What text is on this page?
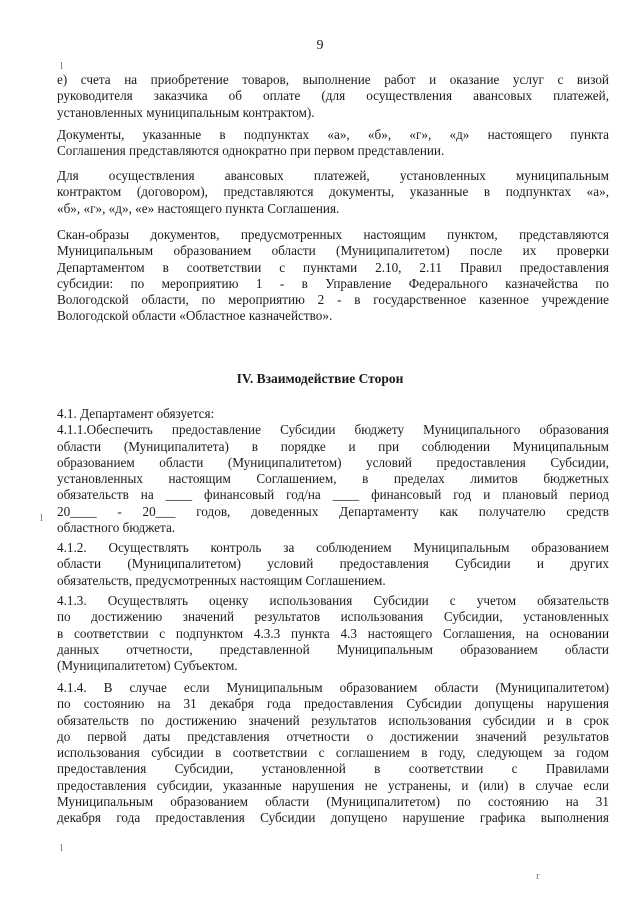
9
е) счета на приобретение товаров, выполнение работ и оказание услуг с визой
руководителя заказчика об оплате (для осуществления авансовых платежей,
установленных муниципальным контрактом).
Документы, указанные в подпунктах «а», «б», «г», «д» настоящего пункта
Соглашения представляются однократно при первом представлении.
Для осуществления авансовых платежей, установленных муниципальным
контрактом (договором), представляются документы, указанные в подпунктах «а»,
«б», «г», «д», «е» настоящего пункта Соглашения.
Скан-образы документов, предусмотренных настоящим пунктом, представляются
Муниципальным образованием области (Муниципалитетом) после их проверки
Департаментом в соответствии с пунктами 2.10, 2.11 Правил предоставления
субсидии: по мероприятию 1 - в Управление Федерального казначейства по
Вологодской области, по мероприятию 2 - в государственное казенное учреждение
Вологодской области «Областное казначейство».
IV. Взаимодействие Сторон
4.1. Департамент обязуется:
4.1.1.Обеспечить предоставление Субсидии бюджету Муниципального образования
области (Муниципалитета) в порядке и при соблюдении Муниципальным
образованием области (Муниципалитетом) условий предоставления Субсидии,
установленных настоящим Соглашением, в пределах лимитов бюджетных
обязательств на ____ финансовый год/на ____ финансовый год и плановый период
20____ - 20___ годов, доведенных Департаменту как получателю средств
областного бюджета.
4.1.2. Осуществлять контроль за соблюдением Муниципальным образованием
области (Муниципалитетом) условий предоставления Субсидии и других
обязательств, предусмотренных настоящим Соглашением.
4.1.3. Осуществлять оценку использования Субсидии с учетом обязательств
по достижению значений результатов использования Субсидии, установленных
в соответствии с подпунктом 4.3.3 пункта 4.3 настоящего Соглашения, на основании
данных отчетности, представленной Муниципальным образованием области
(Муниципалитетом) Субъектом.
4.1.4. В случае если Муниципальным образованием области (Муниципалитетом)
по состоянию на 31 декабря года предоставления Субсидии допущены нарушения
обязательств по достижению значений результатов использования субсидии и в срок
до первой даты представления отчетности о достижении значений результатов
использования субсидии в соответствии с соглашением в году, следующем за годом
предоставления Субсидии, установленной в соответствии с Правилами
предоставления субсидии, указанные нарушения не устранены, и (или) в случае если
Муниципальным образованием области (Муниципалитетом) по состоянию на 31
декабря года предоставления Субсидии допущено нарушение графика выполнения
l
l
l
r
